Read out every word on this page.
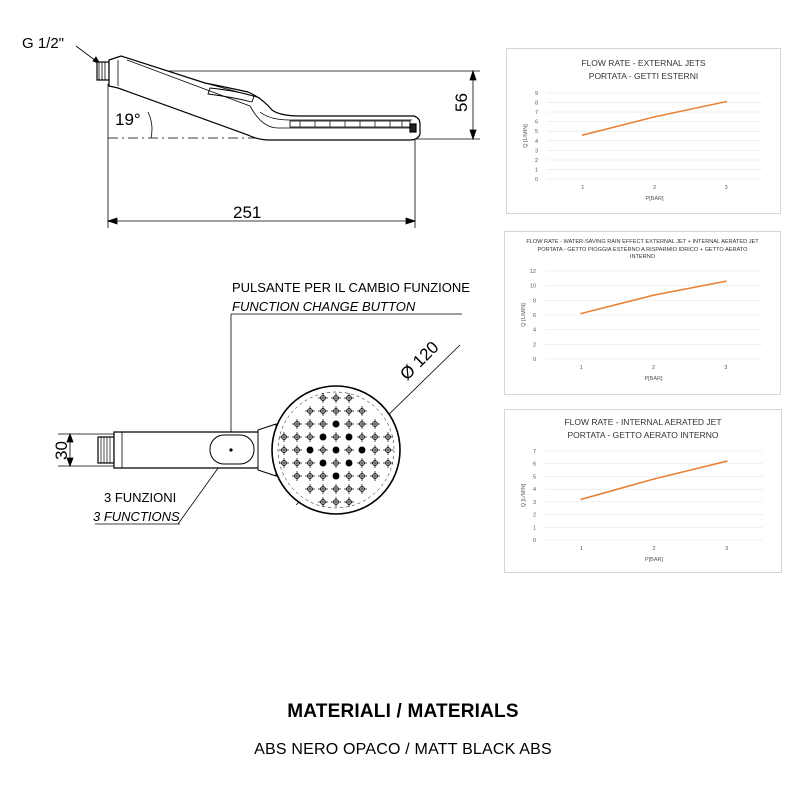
G 1/2"
56
19°
251
PULSANTE PER IL CAMBIO FUNZIONE
FUNCTION CHANGE BUTTON
3 FUNZIONI
3 FUNCTIONS
Ø 120
30
FLOW RATE - EXTERNAL JETS
PORTATA - GETTI ESTERNI
0
1
2
3
4
5
6
7
8
9
1	2	3
P[BAR]
Q [L/MIN]
FLOW RATE - WATER-SAVING RAIN EFFECT EXTERNAL JET + INTERNAL AERATED JET
PORTATA - GETTO PIOGGIA ESTERNO A RISPARMIO IDRICO + GETTO AERATO INTERNO
0
2
4
6
8
10
12
1	2	3
P[BAR]
Q [L/MIN]
FLOW RATE - INTERNAL AERATED JET
PORTATA - GETTO AERATO INTERNO
0
1
2
3
4
5
6
7
1	2	3
P[BAR]
Q [L/MIN]
MATERIALI / MATERIALS
ABS NERO OPACO / MATT BLACK ABS
